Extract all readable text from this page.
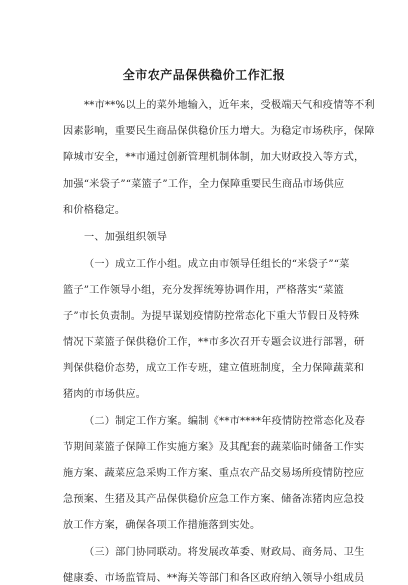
全市农产品保供稳价工作汇报
**市**%以上的菜外地输入，近年来，受极端天气和疫情等不利
因素影响，重要民生商品保供稳价压力增大。为稳定市场秩序，保障
障城市安全，**市通过创新管理机制体制，加大财政投入等方式，
加强“米袋子”“菜篮子”工作，全力保障重要民生商品市场供应
和价格稳定。
一、加强组织领导
（一）成立工作小组。成立由市领导任组长的“米袋子”“菜
篮子”工作领导小组，充分发挥统筹协调作用，严格落实“菜篮
子”市长负责制。为提早谋划疫情防控常态化下重大节假日及特殊
情况下菜篮子保供稳价工作，**市多次召开专题会议进行部署，研
判保供稳价态势，成立工作专班，建立值班制度，全力保障蔬菜和
猪肉的市场供应。
（二）制定工作方案。编制《**市****年疫情防控常态化及春
节期间菜篮子保障工作实施方案》及其配套的蔬菜临时储备工作实
施方案、蔬菜应急采购工作方案、重点农产品交易场所疫情防控应
急预案、生猪及其产品保供稳价应急工作方案、储备冻猪肉应急投
放工作方案，确保各项工作措施落到实处。
（三）部门协同联动。将发展改革委、财政局、商务局、卫生
健康委、市场监管局、**海关等部门和各区政府纳入领导小组成员
